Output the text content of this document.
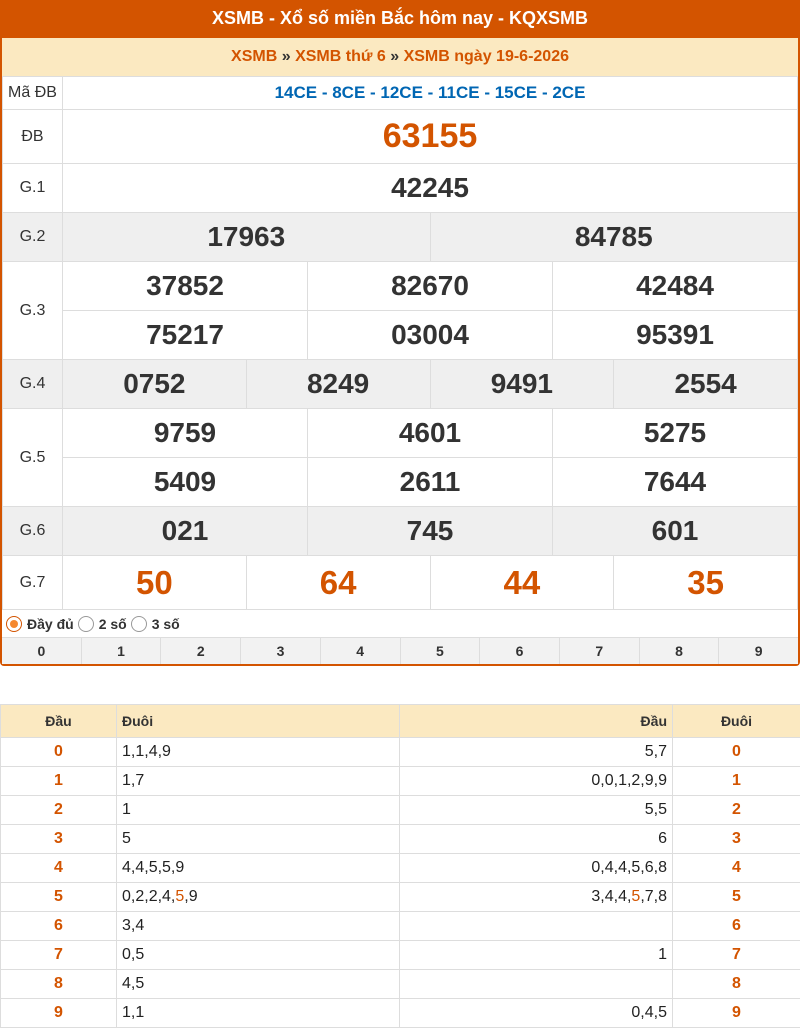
XSMB - Xổ số miền Bắc hôm nay - KQXSMB
XSMB » XSMB thứ 6 » XSMB ngày 19-6-2026
Mã ĐB	14CE - 8CE - 12CE - 11CE - 15CE - 2CE					
ĐB	63155					
G.1	42245					
G.2	17963			84785		
G.3	37852		82670		42484	
	75217		03004		95391	
G.4	0752	8249		9491		2554
G.5	9759		4601		5275	
	5409		2611		7644	
G.6	021		745		601	
G.7	50	64		44		35
Đầy đủ 2 số 3 số
0	1	2	3	4	5	6	7	8	9
Đầu	Đuôi	Đầu	Đuôi
0	1,1,4,9	5,7	0
1	1,7	0,0,1,2,9,9	1
2	1	5,5	2
3	5	6	3
4	4,4,5,5,9	0,4,4,5,6,8	4
5	0,2,2,4,5,9	3,4,4,5,7,8	5
6	3,4		6
7	0,5	1	7
8	4,5		8
9	1,1	0,4,5	9
